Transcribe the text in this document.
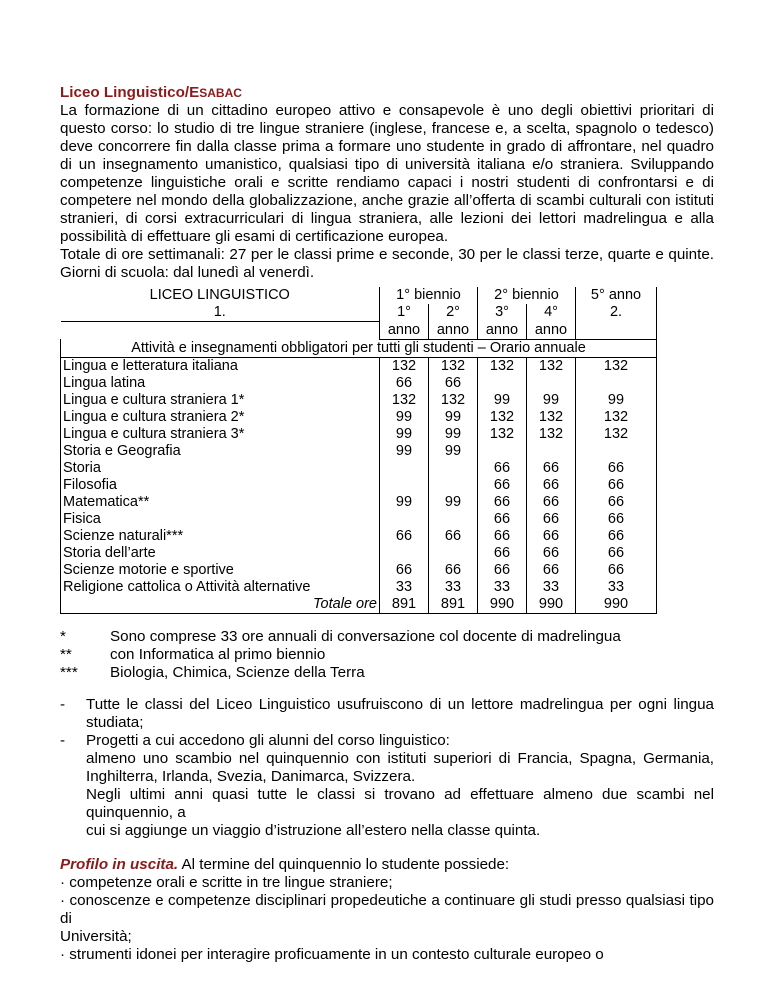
Liceo Linguistico/ESABAC

La formazione di un cittadino europeo attivo e consapevole è uno degli obiettivi prioritari di questo corso: lo studio di tre lingue straniere (inglese, francese e, a scelta, spagnolo o tedesco) deve concorrere fin dalla classe prima a formare uno studente in grado di affrontare, nel quadro di un insegnamento umanistico, qualsiasi tipo di università italiana e/o straniera. Sviluppando competenze linguistiche orali e scritte rendiamo capaci i nostri studenti di confrontarsi e di competere nel mondo della globalizzazione, anche grazie all’offerta di scambi culturali con istituti stranieri, di corsi extracurriculari di lingua straniera, alle lezioni dei lettori madrelingua e alla possibilità di effettuare gli esami di certificazione europea.

Totale di ore settimanali: 27 per le classi prime e seconde, 30 per le classi terze, quarte e quinte. Giorni di scuola: dal lunedì al venerdì.

LICEO LINGUISTICO	1° biennio		2° biennio		5° anno
1.	1°	2°	3°	4°	2.
	anno	anno	anno	anno	
Attività e insegnamenti obbligatori per tutti gli studenti – Orario annuale					
Lingua e letteratura italiana	132	132	132	132	132
Lingua latina	66	66			
Lingua e cultura straniera 1*	132	132	99	99	99
Lingua e cultura straniera 2*	99	99	132	132	132
Lingua e cultura straniera 3*	99	99	132	132	132
Storia e Geografia	99	99			
Storia			66	66	66
Filosofia			66	66	66
Matematica**	99	99	66	66	66
Fisica			66	66	66
Scienze naturali***	66	66	66	66	66
Storia dell’arte			66	66	66
Scienze motorie e sportive	66	66	66	66	66
Religione cattolica o Attività alternative	33	33	33	33	33
Totale ore	891	891	990	990	990
*	Sono comprese 33 ore annuali di conversazione col docente di madrelingua
**	con Informatica al primo biennio
***	Biologia, Chimica, Scienze della Terra
-	Tutte le classi del Liceo Linguistico usufruiscono di un lettore madrelingua per ogni lingua studiata;
-	Progetti a cui accedono gli alunni del corso linguistico:
almeno uno scambio nel quinquennio con istituti superiori di Francia, Spagna, Germania, Inghilterra, Irlanda, Svezia, Danimarca, Svizzera.
Negli ultimi anni quasi tutte le classi si trovano ad effettuare almeno due scambi nel quinquennio, a
cui si aggiunge un viaggio d’istruzione all’estero nella classe quinta.

Profilo in uscita. Al termine del quinquennio lo studente possiede:

· competenze orali e scritte in tre lingue straniere;

· conoscenze e competenze disciplinari propedeutiche a continuare gli studi presso qualsiasi tipo di

Università;

· strumenti idonei per interagire proficuamente in un contesto culturale europeo o
